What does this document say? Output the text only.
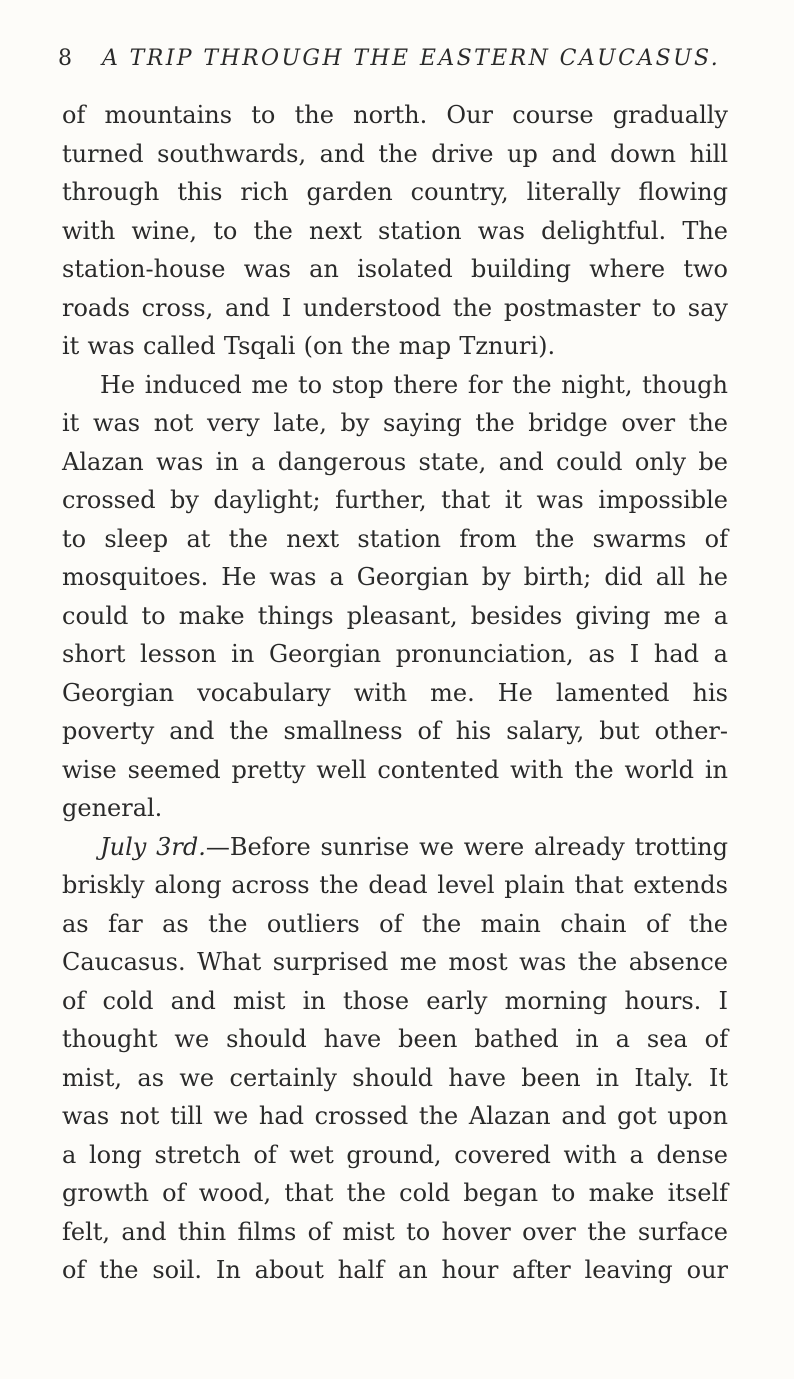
8 A TRIP THROUGH THE EASTERN CAUCASUS.
of mountains to the north. Our course gradually
turned southwards, and the drive up and down hill
through this rich garden country, literally flowing
with wine, to the next station was delightful. The
station-house was an isolated building where two
roads cross, and I understood the postmaster to say
it was called Tsqali (on the map Tznuri).
He induced me to stop there for the night, though
it was not very late, by saying the bridge over the
Alazan was in a dangerous state, and could only be
crossed by daylight; further, that it was impossible
to sleep at the next station from the swarms of
mosquitoes. He was a Georgian by birth; did all he
could to make things pleasant, besides giving me a
short lesson in Georgian pronunciation, as I had a
Georgian vocabulary with me. He lamented his
poverty and the smallness of his salary, but other-
wise seemed pretty well contented with the world in
general.
July 3rd.—Before sunrise we were already trotting
briskly along across the dead level plain that extends
as far as the outliers of the main chain of the
Caucasus. What surprised me most was the absence
of cold and mist in those early morning hours. I
thought we should have been bathed in a sea of
mist, as we certainly should have been in Italy. It
was not till we had crossed the Alazan and got upon
a long stretch of wet ground, covered with a dense
growth of wood, that the cold began to make itself
felt, and thin films of mist to hover over the surface
of the soil. In about half an hour after leaving our
